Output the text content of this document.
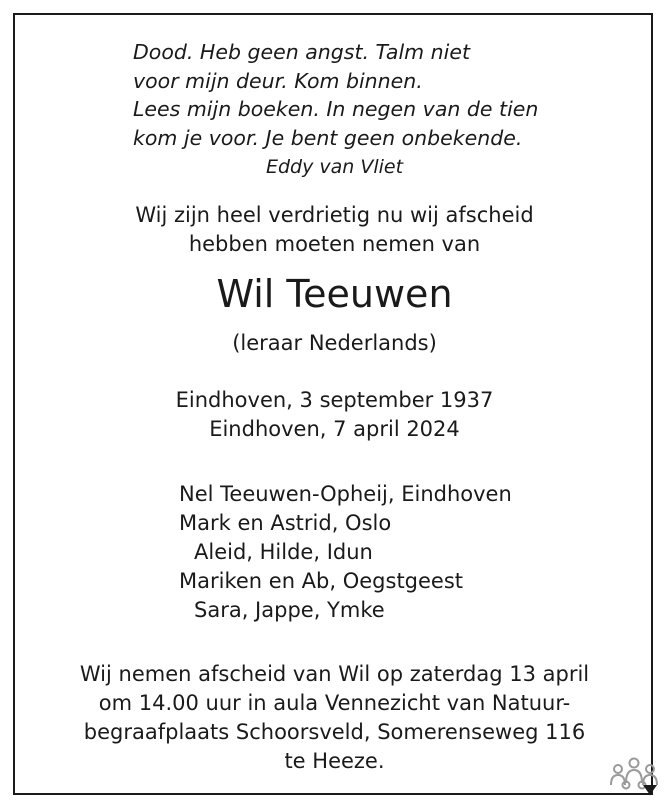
Dood. Heb geen angst. Talm niet
voor mijn deur. Kom binnen.
Lees mijn boeken. In negen van de tien
kom je voor. Je bent geen onbekende.
Eddy van Vliet
Wij zijn heel verdrietig nu wij afscheid
hebben moeten nemen van
Wil Teeuwen
(leraar Nederlands)
Eindhoven, 3 september 1937
Eindhoven, 7 april 2024
Nel Teeuwen-Opheij, Eindhoven
Mark en Astrid, Oslo
Aleid, Hilde, Idun
Mariken en Ab, Oegstgeest
Sara, Jappe, Ymke
Wij nemen afscheid van Wil op zaterdag 13 april
om 14.00 uur in aula Vennezicht van Natuur-
begraafplaats Schoorsveld, Somerenseweg 116
te Heeze.
